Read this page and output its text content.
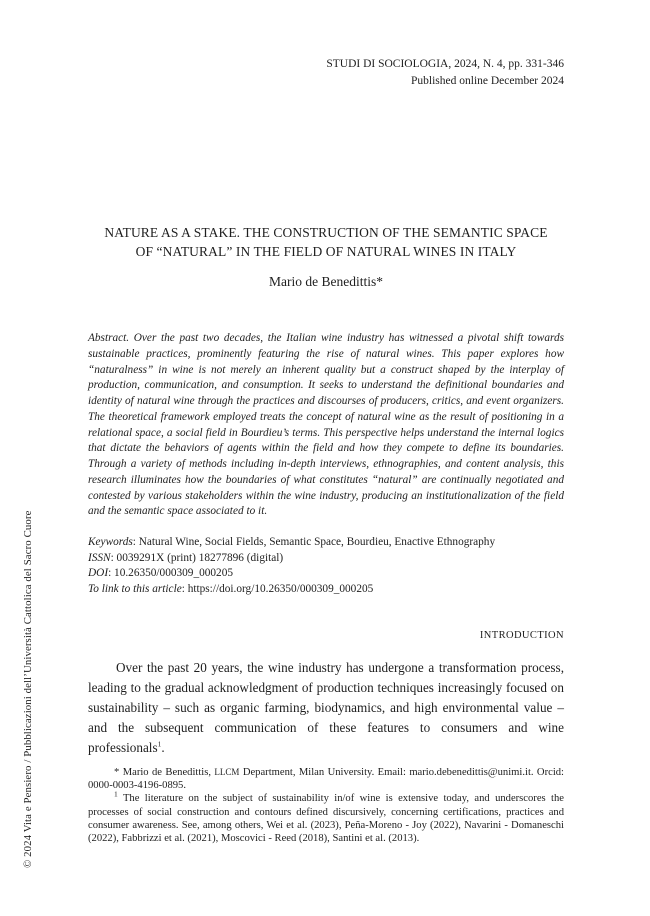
STUDI DI SOCIOLOGIA, 2024, N. 4, pp. 331-346
Published online December 2024
NATURE AS A STAKE. THE CONSTRUCTION OF THE SEMANTIC SPACE
OF “NATURAL” IN THE FIELD OF NATURAL WINES IN ITALY
Mario de Benedittis*

Abstract. Over the past two decades, the Italian wine industry has witnessed a pivotal shift towards sustainable practices, prominently featuring the rise of natural wines. This paper explores how “naturalness” in wine is not merely an inherent quality but a construct shaped by the interplay of production, communication, and consumption. It seeks to understand the definitional boundaries and identity of natural wine through the practices and discourses of producers, critics, and event organizers. The theoretical framework employed treats the concept of natural wine as the result of positioning in a relational space, a social field in Bourdieu’s terms. This perspective helps understand the internal logics that dictate the behaviors of agents within the field and how they compete to define its boundaries. Through a variety of methods including in-depth interviews, ethnographies, and content analysis, this research illuminates how the boundaries of what constitutes “natural” are continually negotiated and contested by various stakeholders within the wine industry, producing an institutionalization of the field and the semantic space associated to it.

Keywords: Natural Wine, Social Fields, Semantic Space, Bourdieu, Enactive Ethnography
ISSN: 0039291X (print) 18277896 (digital)
DOI: 10.26350/000309_000205
To link to this article: https://doi.org/10.26350/000309_000205
INTRODUCTION

Over the past 20 years, the wine industry has undergone a transformation process, leading to the gradual acknowledgment of production techniques increasingly focused on sustainability – such as organic farming, biodynamics, and high environmental value – and the subsequent communication of these features to consumers and wine professionals$^1$.

* Mario de Benedittis, LLCM Department, Milan University. Email: mario.debenedittis@unimi.it. Orcid: 0000-0003-4196-0895.

$^1$ The literature on the subject of sustainability in/of wine is extensive today, and underscores the processes of social construction and contours defined discursively, concerning certifications, practices and consumer awareness. See, among others, Wei et al. (2023), Peña-Moreno - Joy (2022), Navarini - Domaneschi (2022), Fabbrizzi et al. (2021), Moscovici - Reed (2018), Santini et al. (2013).

© 2024 Vita e Pensiero / Pubblicazioni dell’Università Cattolica del Sacro Cuore
